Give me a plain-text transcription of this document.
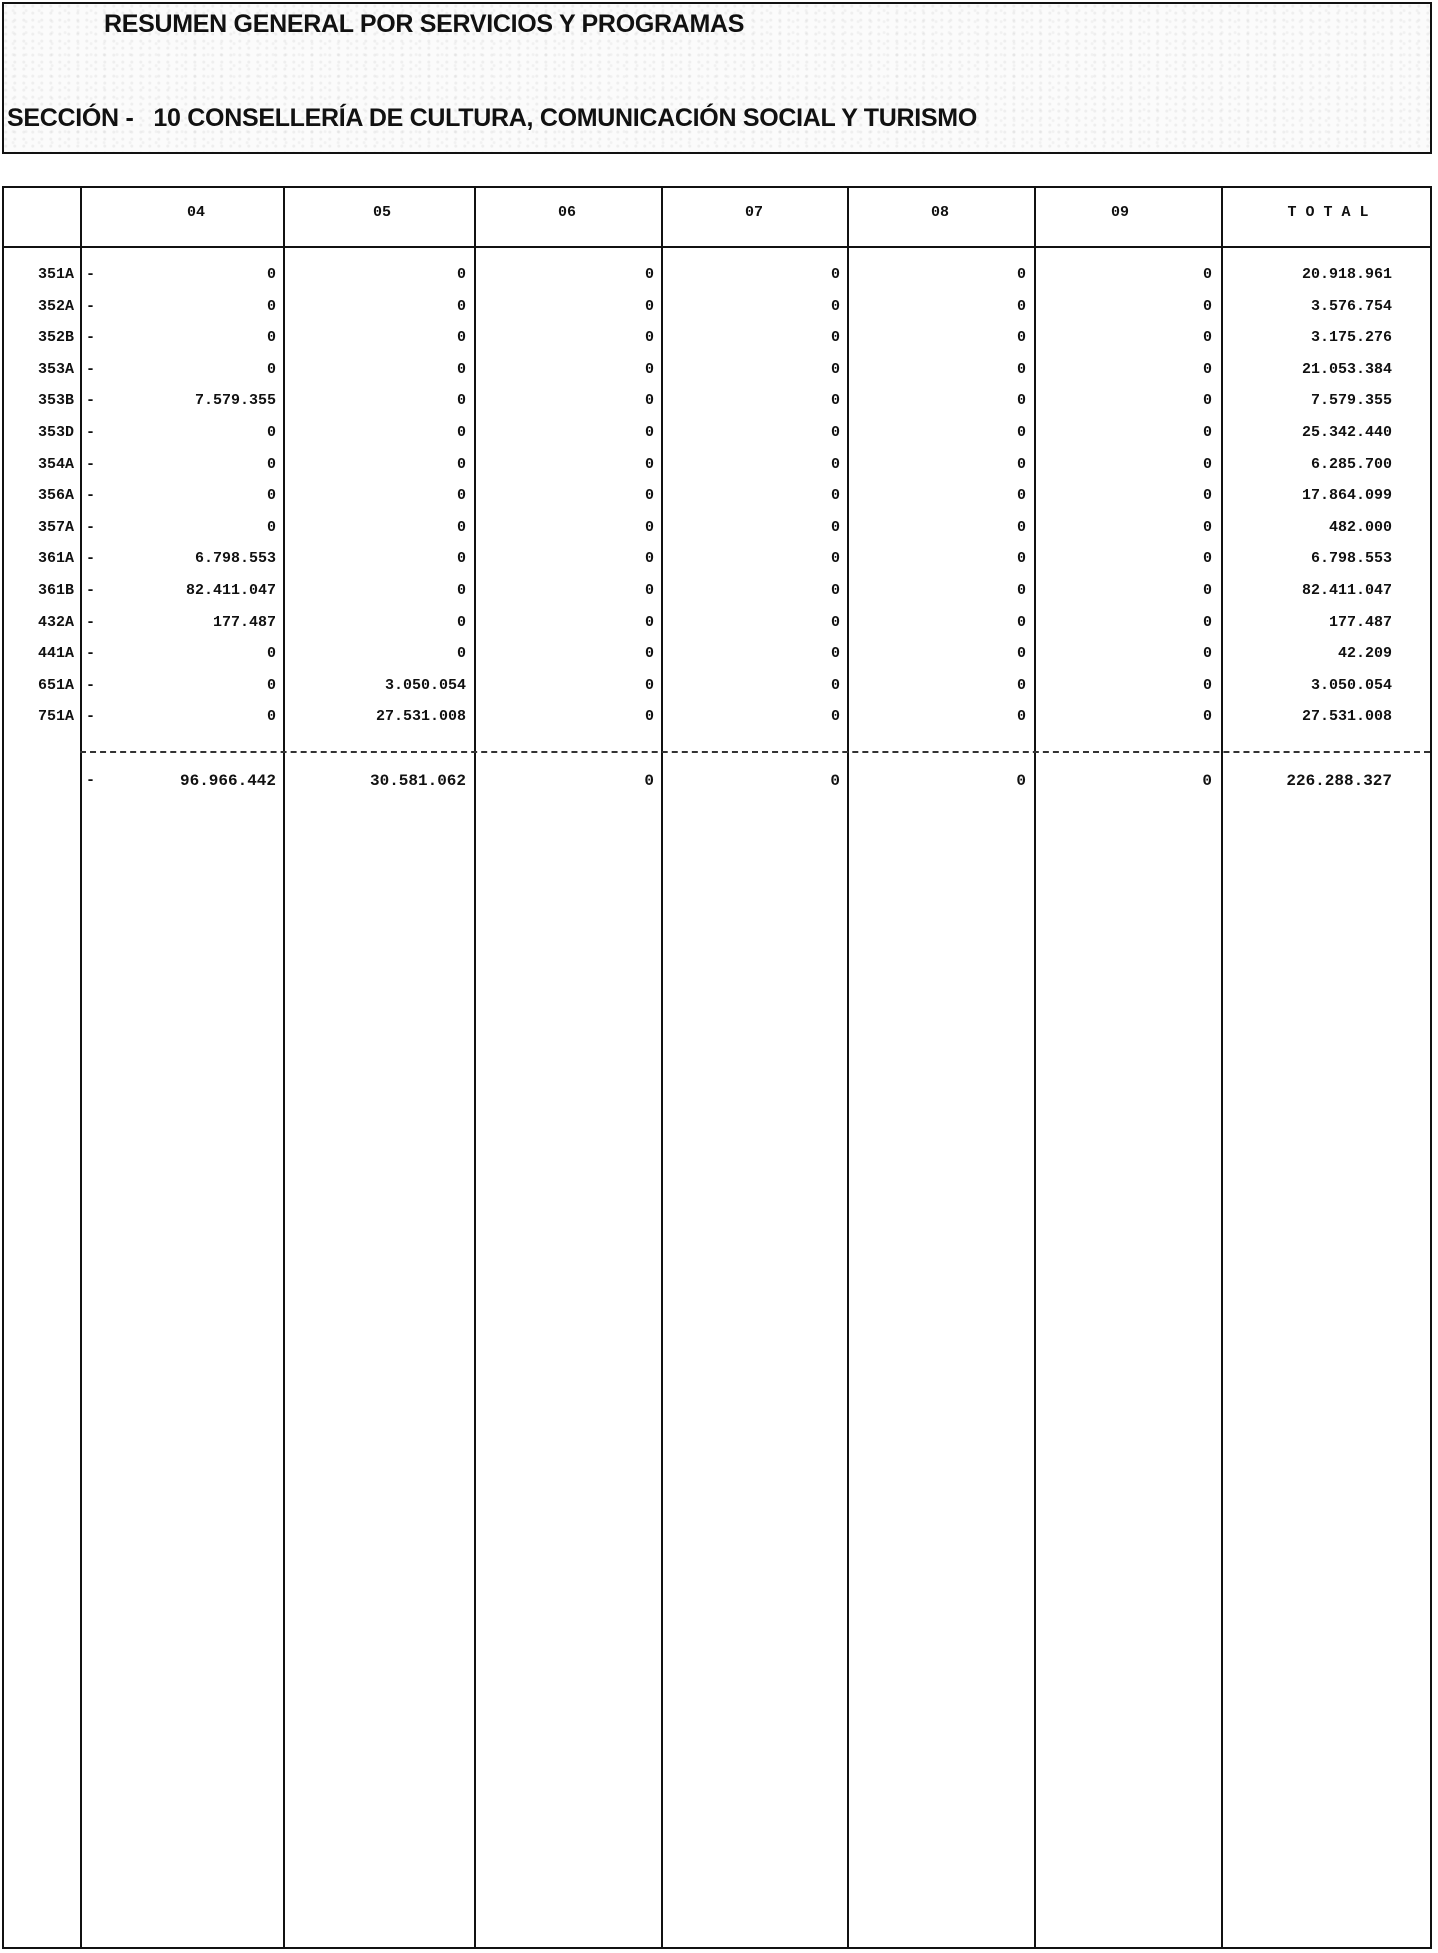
RESUMEN GENERAL POR SERVICIOS Y PROGRAMAS
SECCIÓN - 10 CONSELLERÍA DE CULTURA, COMUNICACIÓN SOCIAL Y TURISMO
04	05	06	07	08	09	T O T A L
351A -	0	0	0	0	0	0	20.918.961
352A -	0	0	0	0	0	0	3.576.754
352B -	0	0	0	0	0	0	3.175.276
353A -	0	0	0	0	0	0	21.053.384
353B -	7.579.355	0	0	0	0	0	7.579.355
353D -	0	0	0	0	0	0	25.342.440
354A -	0	0	0	0	0	0	6.285.700
356A -	0	0	0	0	0	0	17.864.099
357A -	0	0	0	0	0	0	482.000
361A -	6.798.553	0	0	0	0	0	6.798.553
361B -	82.411.047	0	0	0	0	0	82.411.047
432A -	177.487	0	0	0	0	0	177.487
441A -	0	0	0	0	0	0	42.209
651A -	0	3.050.054	0	0	0	0	3.050.054
751A -	0	27.531.008	0	0	0	0	27.531.008
-	96.966.442	30.581.062	0	0	0	0	226.288.327
